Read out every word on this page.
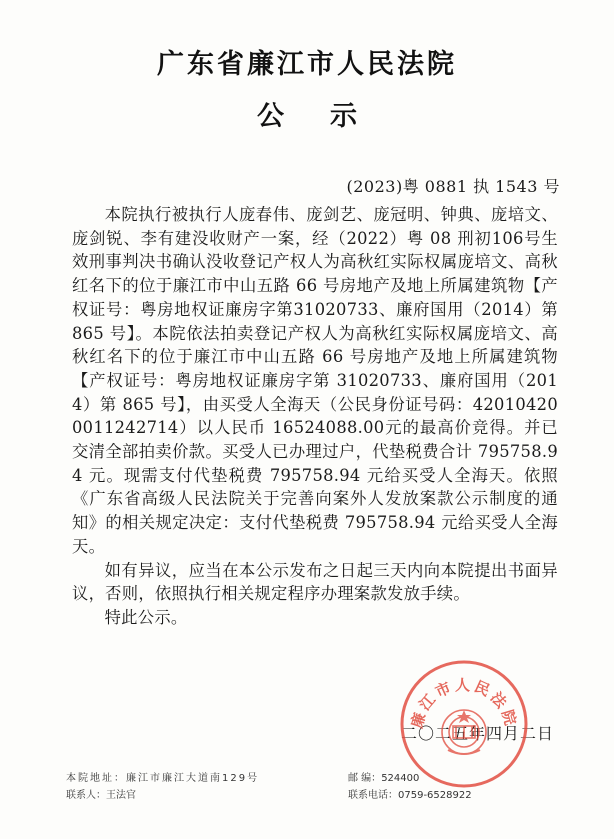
广东省廉江市人民法院
公示
(2023)粤 0881 执 1543 号

本院执行被执行人庞春伟、庞剑艺、庞冠明、钟典、庞培文、庞剑锐、李有建没收财产一案，经（2022）粤 08 刑初106号生效刑事判决书确认没收登记产权人为高秋红实际权属庞培文、高秋红名下的位于廉江市中山五路 66 号房地产及地上所属建筑物【产权证号：粤房地权证廉房字第31020733、廉府国用（2014）第 865 号】。本院依法拍卖登记产权人为高秋红实际权属庞培文、高秋红名下的位于廉江市中山五路 66 号房地产及地上所属建筑物【产权证号：粤房地权证廉房字第 31020733、廉府国用（2014）第 865 号】，由买受人全海天（公民身份证号码：420104200011242714）以人民币 16524088.00元的最高价竞得。并已交清全部拍卖价款。买受人已办理过户，代垫税费合计 795758.94 元。现需支付代垫税费 795758.94 元给买受人全海天。依照《广东省高级人民法院关于完善向案外人发放案款公示制度的通知》的相关规定决定：支付代垫税费 795758.94 元给买受人全海天。

如有异议，应当在本公示发布之日起三天内向本院提出书面异议，否则，依照执行相关规定程序办理案款发放手续。

特此公示。

二〇二五年四月二日
廉江市人民法院
本院地址：廉江市廉江大道南129号	邮 编：524400
联系人：王法官	联系电话：0759-6528922
